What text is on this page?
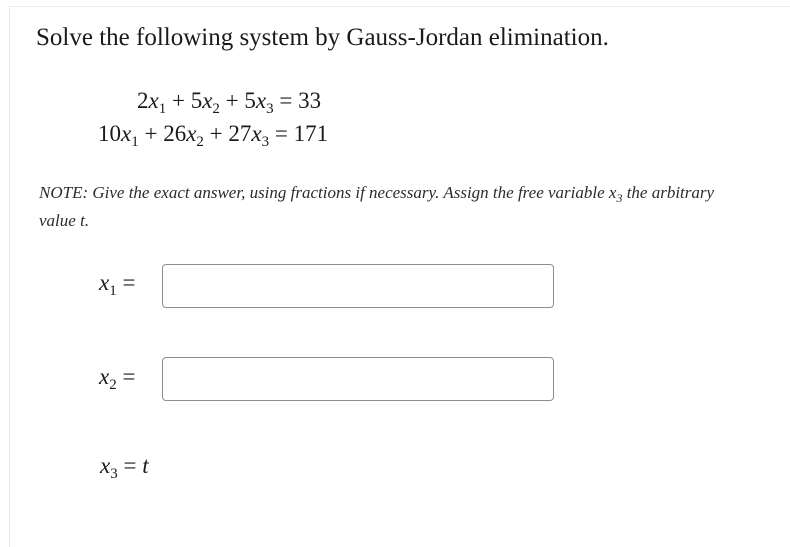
Solve the following system by Gauss-Jordan elimination.
$2x_1 + 5x_2 + 5x_3 = 33$
$10x_1 + 26x_2 + 27x_3 = 171$
NOTE: Give the exact answer, using fractions if necessary. Assign the free variable $x_3$ the arbitrary value t.
$x_1$ =
$x_2$ =
$x_3 = t$
